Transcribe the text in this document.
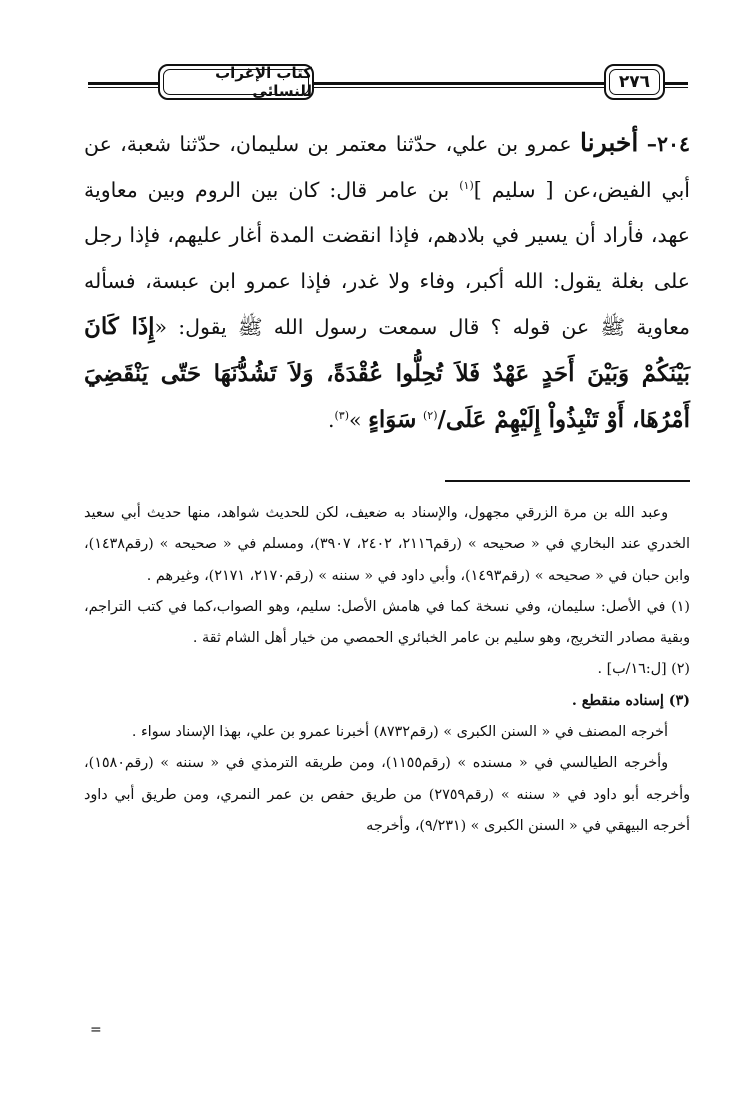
كتاب الإغراب للنسائي	٢٧٦

٢٠٤– أخبرنا عمرو بن علي، حدّثنا معتمر بن سليمان، حدّثنا شعبة، عن أبي الفيض،عن [ سليم ]$^{(١)}$ بن عامر قال: كان بين الروم وبين معاوية عهد، فأراد أن يسير في بلادهم، فإذا انقضت المدة أغار عليهم، فإذا رجل على بغلة يقول: الله أكبر، وفاء ولا غدر، فإذا عمرو ابن عبسة، فسأله معاوية ﷺ عن قوله ؟ قال سمعت رسول الله ﷺ يقول: «إِذَا كَانَ بَيْنَكُمْ وَبَيْنَ أَحَدٍ عَهْدٌ فَلاَ تُحِلُّوا عُقْدَةً، وَلاَ تَشُدُّنَهَا حَتّى يَنْقَضِيَ أَمْرُهَا، أَوْ تَنْبِذُواْ إِلَيْهِمْ عَلَى/$^{(٢)}$ سَوَاءٍ »$^{(٣)}$.

وعبد الله بن مرة الزرقي مجهول، والإسناد به ضعيف، لكن للحديث شواهد، منها حديث أبي سعيد الخدري عند البخاري في « صحيحه » (رقم٢١١٦، ٢٤٠٢، ٣٩٠٧)، ومسلم في « صحيحه » (رقم١٤٣٨)، وابن حبان في « صحيحه » (رقم١٤٩٣)، وأبي داود في « سننه » (رقم٢١٧٠، ٢١٧١)، وغيرهم .

(١) في الأصل: سليمان، وفي نسخة كما في هامش الأصل: سليم، وهو الصواب،كما في كتب التراجم، وبقية مصادر التخريج، وهو سليم بن عامر الخبائري الحمصي من خيار أهل الشام ثقة .

(٢) [ل:١٦/ب] .

(٣) إسناده منقطع .

أخرجه المصنف في « السنن الكبرى » (رقم٨٧٣٢) أخبرنا عمرو بن علي، بهذا الإسناد سواء .

وأخرجه الطيالسي في « مسنده » (رقم١١٥٥)، ومن طريقه الترمذي في « سننه » (رقم١٥٨٠)، وأخرجه أبو داود في « سننه » (رقم٢٧٥٩) من طريق حفص بن عمر النمري، ومن طريق أبي داود أخرجه البيهقي في « السنن الكبرى » (٩/٢٣١)، وأخرجه

=
